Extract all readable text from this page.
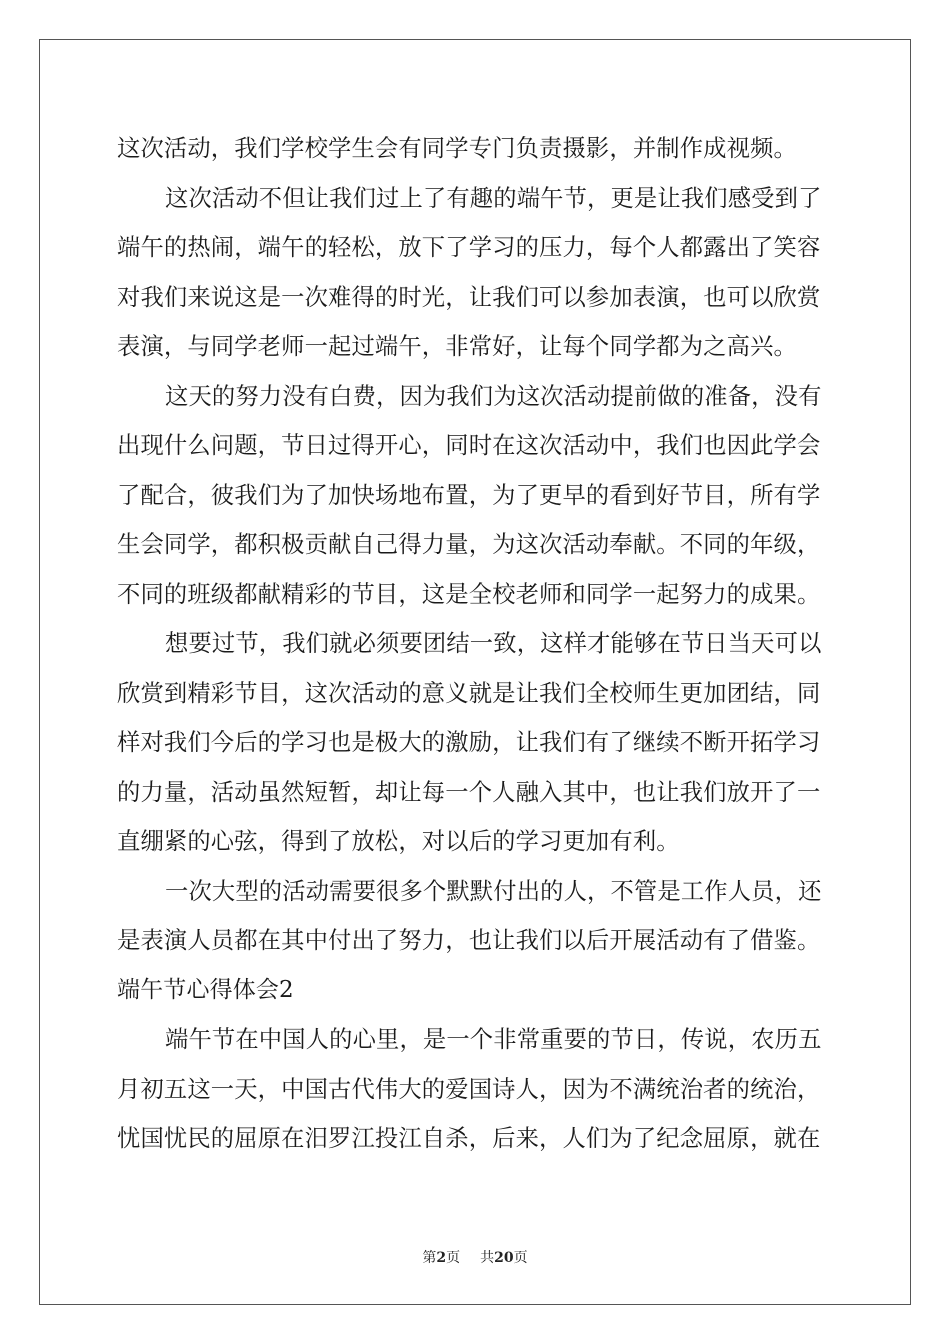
这次活动，我们学校学生会有同学专门负责摄影，并制作成视频。
这次活动不但让我们过上了有趣的端午节，更是让我们感受到了
端午的热闹，端午的轻松，放下了学习的压力，每个人都露出了笑容
对我们来说这是一次难得的时光，让我们可以参加表演，也可以欣赏
表演，与同学老师一起过端午，非常好，让每个同学都为之高兴。
这天的努力没有白费，因为我们为这次活动提前做的准备，没有
出现什么问题，节日过得开心，同时在这次活动中，我们也因此学会
了配合，彼我们为了加快场地布置，为了更早的看到好节目，所有学
生会同学，都积极贡献自己得力量，为这次活动奉献。不同的年级，
不同的班级都献精彩的节目，这是全校老师和同学一起努力的成果。
想要过节，我们就必须要团结一致，这样才能够在节日当天可以
欣赏到精彩节目，这次活动的意义就是让我们全校师生更加团结，同
样对我们今后的学习也是极大的激励，让我们有了继续不断开拓学习
的力量，活动虽然短暂，却让每一个人融入其中，也让我们放开了一
直绷紧的心弦，得到了放松，对以后的学习更加有利。
一次大型的活动需要很多个默默付出的人，不管是工作人员，还
是表演人员都在其中付出了努力，也让我们以后开展活动有了借鉴。
端午节心得体会2
端午节在中国人的心里，是一个非常重要的节日，传说，农历五
月初五这一天，中国古代伟大的爱国诗人，因为不满统治者的统治，
忧国忧民的屈原在汨罗江投江自杀，后来，人们为了纪念屈原，就在
第2页 共20页
